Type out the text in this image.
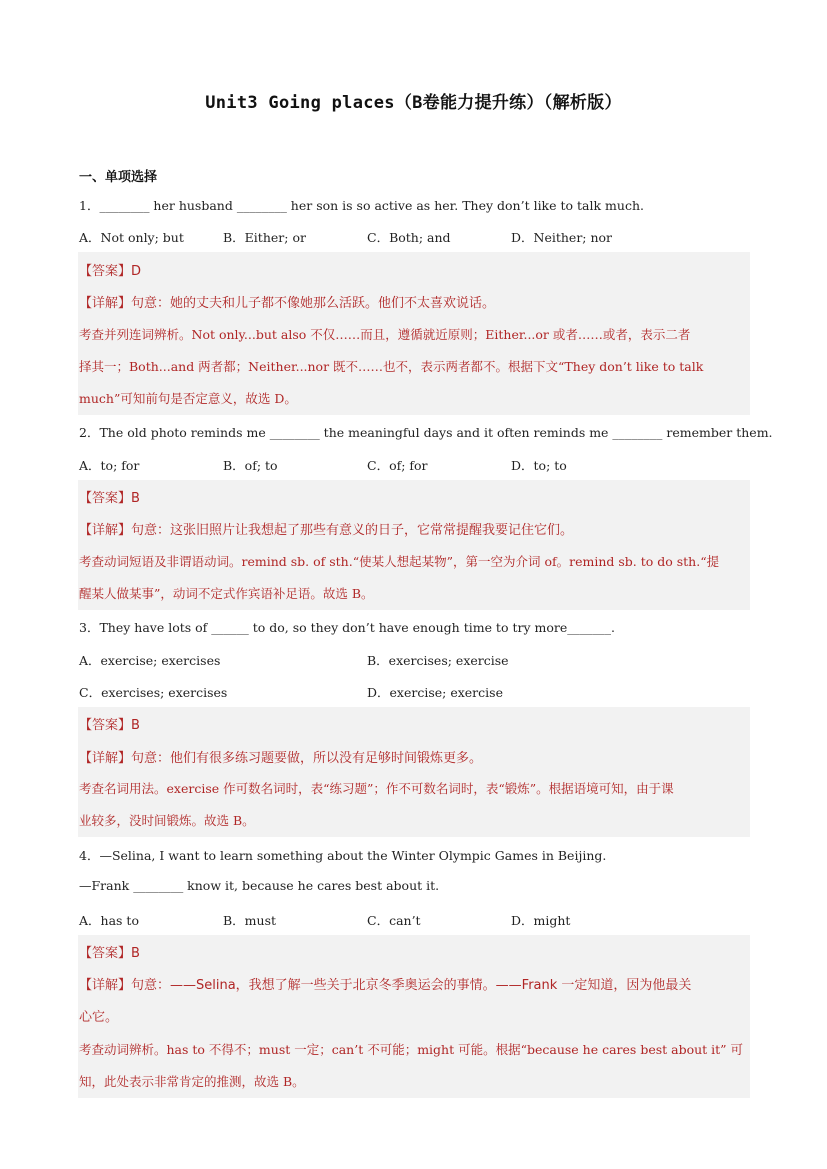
Unit3 Going places（B卷能力提升练）（解析版）
一、单项选择
1．________ her husband ________ her son is so active as her. They don’t like to talk much.
A．Not only; but	B．Either; or	C．Both; and	D．Neither; nor
【答案】D
【详解】句意：她的丈夫和儿子都不像她那么活跃。他们不太喜欢说话。
考查并列连词辨析。Not only...but also 不仅……而且，遵循就近原则；Either...or 或者……或者，表示二者
择其一；Both...and 两者都；Neither...nor 既不……也不，表示两者都不。根据下文“They don’t like to talk
much”可知前句是否定意义，故选 D。
2．The old photo reminds me ________ the meaningful days and it often reminds me ________ remember them.
A．to; for	B．of; to	C．of; for	D．to; to
【答案】B
【详解】句意：这张旧照片让我想起了那些有意义的日子，它常常提醒我要记住它们。
考查动词短语及非谓语动词。remind sb. of sth.“使某人想起某物”，第一空为介词 of。remind sb. to do sth.“提
醒某人做某事”，动词不定式作宾语补足语。故选 B。
3．They have lots of ______ to do, so they don’t have enough time to try more_______.
A．exercise; exercises	B．exercises; exercise
C．exercises; exercises	D．exercise; exercise
【答案】B
【详解】句意：他们有很多练习题要做，所以没有足够时间锻炼更多。
考查名词用法。exercise 作可数名词时，表“练习题”；作不可数名词时，表“锻炼”。根据语境可知，由于课
业较多，没时间锻炼。故选 B。
4．—Selina, I want to learn something about the Winter Olympic Games in Beijing.
—Frank ________ know it, because he cares best about it.
A．has to	B．must	C．can’t	D．might
【答案】B
【详解】句意：——Selina，我想了解一些关于北京冬季奥运会的事情。——Frank 一定知道，因为他最关
心它。
考查动词辨析。has to 不得不；must 一定；can’t 不可能；might 可能。根据“because he cares best about it” 可
知，此处表示非常肯定的推测，故选 B。
